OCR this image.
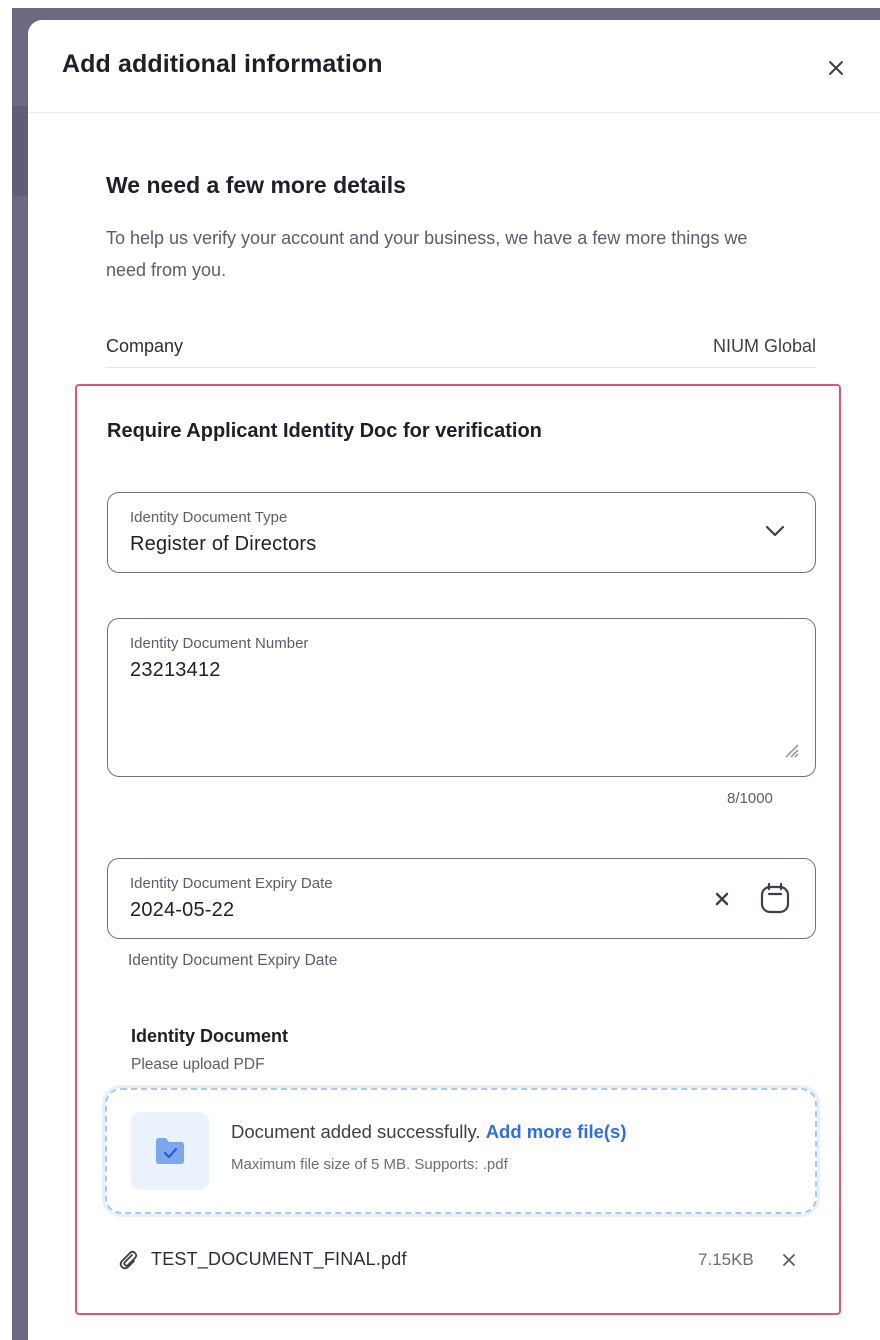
Add additional information
We need a few more details
To help us verify your account and your business, we have a few more things we need from you.
Company	NIUM Global
Require Applicant Identity Doc for verification
Identity Document Type
Register of Directors
Identity Document Number
23213412
8/1000
Identity Document Expiry Date
2024-05-22
Identity Document Expiry Date
Identity Document
Please upload PDF
Document added successfully. Add more file(s)
Maximum file size of 5 MB. Supports: .pdf
TEST_DOCUMENT_FINAL.pdf	7.15KB
